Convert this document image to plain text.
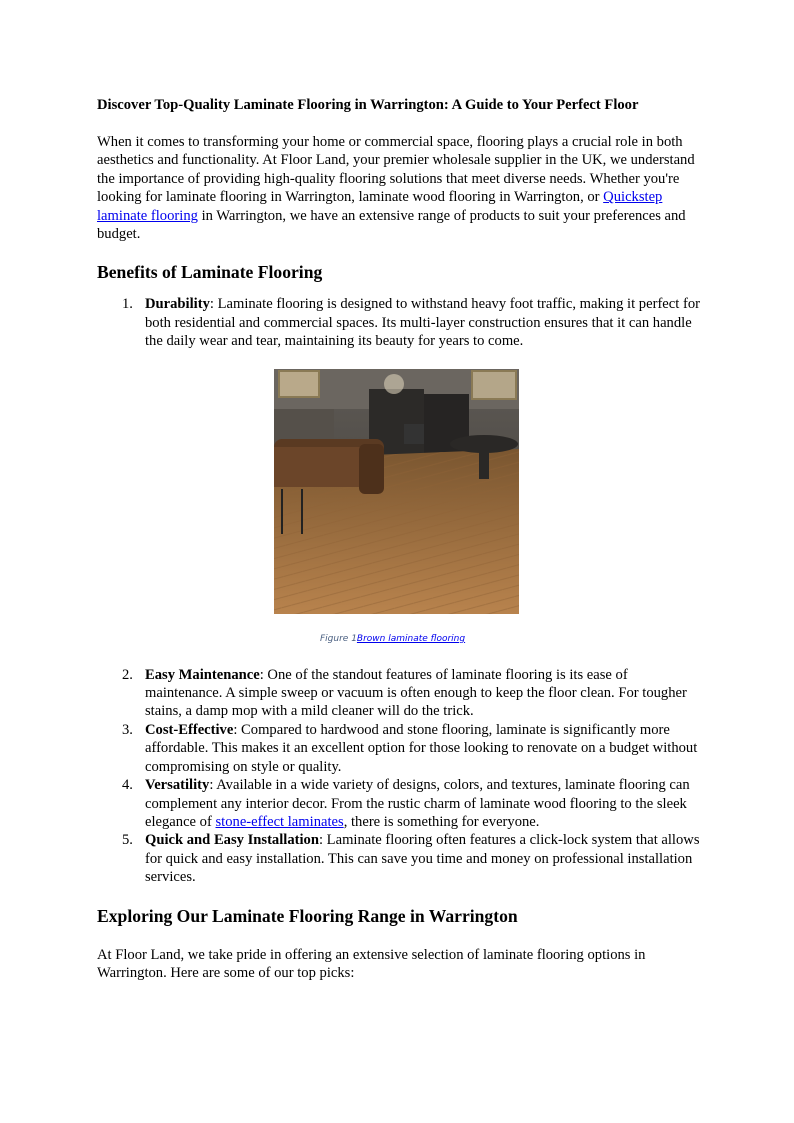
Discover Top-Quality Laminate Flooring in Warrington: A Guide to Your Perfect Floor

When it comes to transforming your home or commercial space, flooring plays a crucial role in both aesthetics and functionality. At Floor Land, your premier wholesale supplier in the UK, we understand the importance of providing high-quality flooring solutions that meet diverse needs. Whether you're looking for laminate flooring in Warrington, laminate wood flooring in Warrington, or Quickstep laminate flooring in Warrington, we have an extensive range of products to suit your preferences and budget.

Benefits of Laminate Flooring
1. Durability: Laminate flooring is designed to withstand heavy foot traffic, making it perfect for both residential and commercial spaces. Its multi-layer construction ensures that it can handle the daily wear and tear, maintaining its beauty for years to come.
Figure 1Brown laminate flooring
2. Easy Maintenance: One of the standout features of laminate flooring is its ease of maintenance. A simple sweep or vacuum is often enough to keep the floor clean. For tougher stains, a damp mop with a mild cleaner will do the trick.
3. Cost-Effective: Compared to hardwood and stone flooring, laminate is significantly more affordable. This makes it an excellent option for those looking to renovate on a budget without compromising on style or quality.
4. Versatility: Available in a wide variety of designs, colors, and textures, laminate flooring can complement any interior decor. From the rustic charm of laminate wood flooring to the sleek elegance of stone-effect laminates, there is something for everyone.
5. Quick and Easy Installation: Laminate flooring often features a click-lock system that allows for quick and easy installation. This can save you time and money on professional installation services.
Exploring Our Laminate Flooring Range in Warrington

At Floor Land, we take pride in offering an extensive selection of laminate flooring options in Warrington. Here are some of our top picks:
